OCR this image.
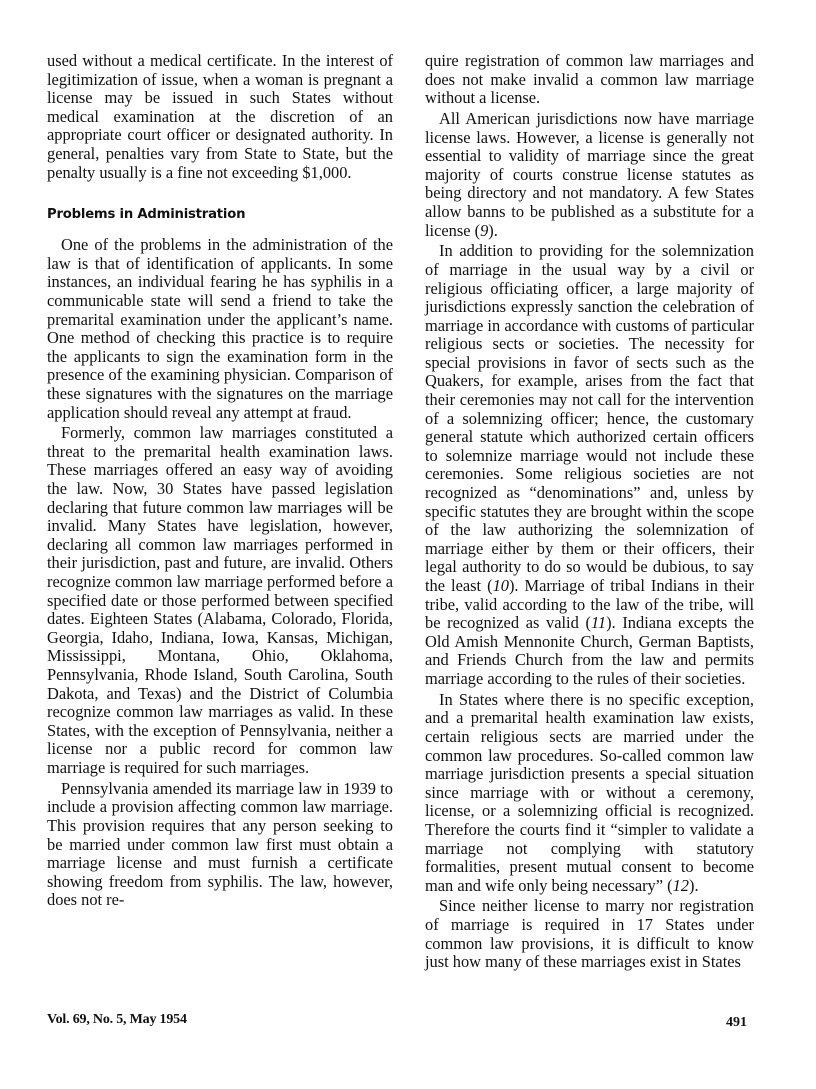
used without a medical certificate. In the interest of legitimization of issue, when a woman is pregnant a license may be issued in such States without medical examination at the discretion of an appropriate court officer or designated authority. In general, penalties vary from State to State, but the penalty usually is a fine not exceeding $1,000.

Problems in Administration

One of the problems in the administration of the law is that of identification of applicants. In some instances, an individual fearing he has syphilis in a communicable state will send a friend to take the premarital examination under the applicant’s name. One method of checking this practice is to require the applicants to sign the examination form in the presence of the examining physician. Comparison of these signatures with the signatures on the marriage application should reveal any attempt at fraud.

Formerly, common law marriages constituted a threat to the premarital health examination laws. These marriages offered an easy way of avoiding the law. Now, 30 States have passed legislation declaring that future common law marriages will be invalid. Many States have legislation, however, declaring all common law marriages performed in their jurisdiction, past and future, are invalid. Others recognize common law marriage performed before a specified date or those performed between specified dates. Eighteen States (Alabama, Colorado, Florida, Georgia, Idaho, Indiana, Iowa, Kansas, Michigan, Mississippi, Montana, Ohio, Oklahoma, Pennsylvania, Rhode Island, South Carolina, South Dakota, and Texas) and the District of Columbia recognize common law marriages as valid. In these States, with the exception of Pennsylvania, neither a license nor a public record for common law marriage is required for such marriages.

Pennsylvania amended its marriage law in 1939 to include a provision affecting common law marriage. This provision requires that any person seeking to be married under common law first must obtain a marriage license and must furnish a certificate showing freedom from syphilis. The law, however, does not re-

quire registration of common law marriages and does not make invalid a common law marriage without a license.

All American jurisdictions now have marriage license laws. However, a license is generally not essential to validity of marriage since the great majority of courts construe license statutes as being directory and not mandatory. A few States allow banns to be published as a substitute for a license (9).

In addition to providing for the solemnization of marriage in the usual way by a civil or religious officiating officer, a large majority of jurisdictions expressly sanction the celebration of marriage in accordance with customs of particular religious sects or societies. The necessity for special provisions in favor of sects such as the Quakers, for example, arises from the fact that their ceremonies may not call for the intervention of a solemnizing officer; hence, the customary general statute which authorized certain officers to solemnize marriage would not include these ceremonies. Some religious societies are not recognized as “denominations” and, unless by specific statutes they are brought within the scope of the law authorizing the solemnization of marriage either by them or their officers, their legal authority to do so would be dubious, to say the least (10). Marriage of tribal Indians in their tribe, valid according to the law of the tribe, will be recognized as valid (11). Indiana excepts the Old Amish Mennonite Church, German Baptists, and Friends Church from the law and permits marriage according to the rules of their societies.

In States where there is no specific exception, and a premarital health examination law exists, certain religious sects are married under the common law procedures. So-called common law marriage jurisdiction presents a special situation since marriage with or without a ceremony, license, or a solemnizing official is recognized. Therefore the courts find it “simpler to validate a marriage not complying with statutory formalities, present mutual consent to become man and wife only being necessary” (12).

Since neither license to marry nor registration of marriage is required in 17 States under common law provisions, it is difficult to know just how many of these marriages exist in States

Vol. 69, No. 5, May 1954	491
